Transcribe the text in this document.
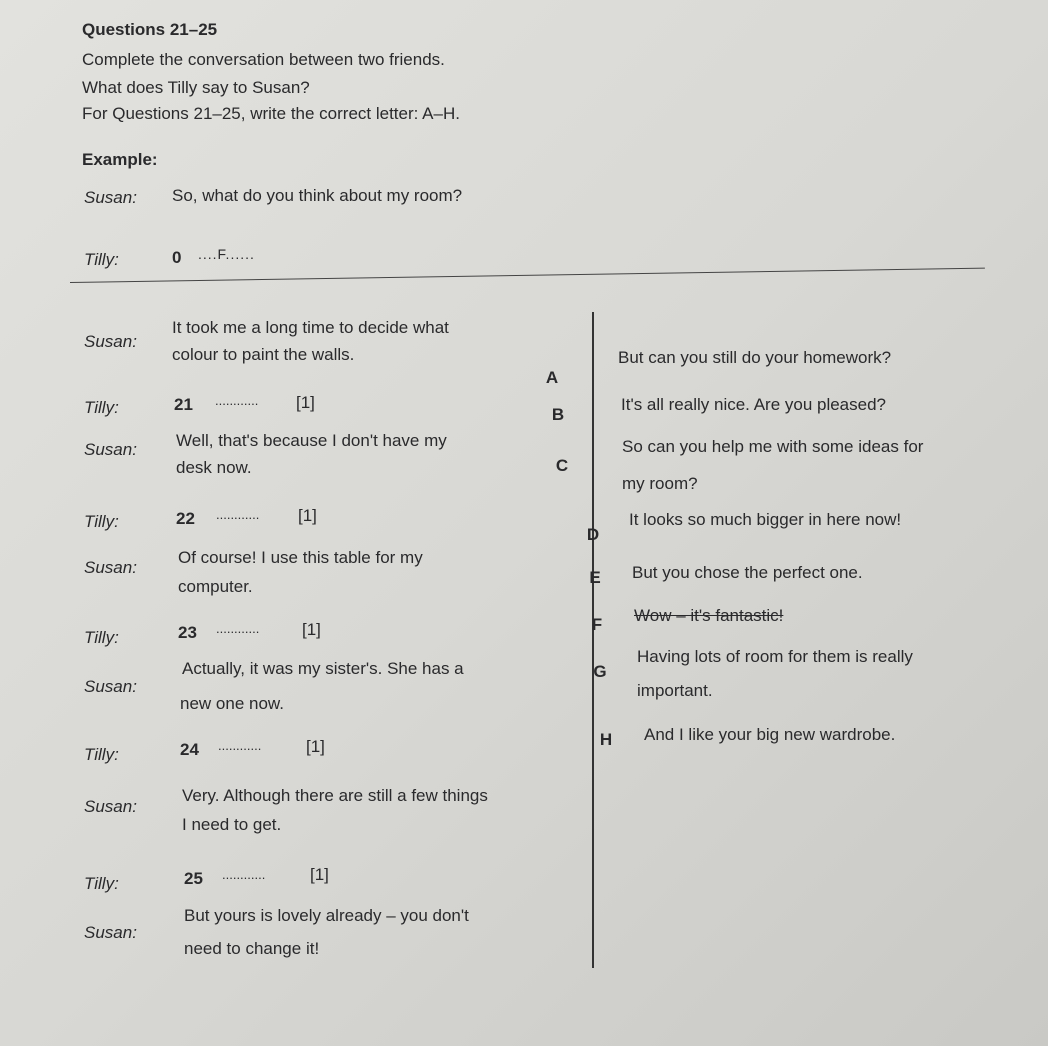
Questions 21–25
Complete the conversation between two friends.
What does Tilly say to Susan?
For Questions 21–25, write the correct letter: A–H.
Example:
Susan: So, what do you think about my room?
Tilly:	0 ....F......
Susan:
It took me a long time to decide what
colour to paint the walls.
Tilly:	21 ............ [1]
Susan: Well, that's because I don't have my
desk now.
Tilly:	22 ............ [1]
Susan:
Of course! I use this table for my
computer.
Tilly:	23 ............	[1]
Susan:
Actually, it was my sister's. She has a
new one now.
Tilly:	24 ............	[1]
Susan:
Very. Although there are still a few things
I need to get.
Tilly:	25 ............	[1]
Susan:
But yours is lovely already – you don't
need to change it!
A
But can you still do your homework?
B
It's all really nice. Are you pleased?
C
So can you help me with some ideas for
my room?
D
It looks so much bigger in here now!
E But you chose the perfect one.
F Wow – it's fantastic!
G
Having lots of room for them is really
important.
H And I like your big new wardrobe.
